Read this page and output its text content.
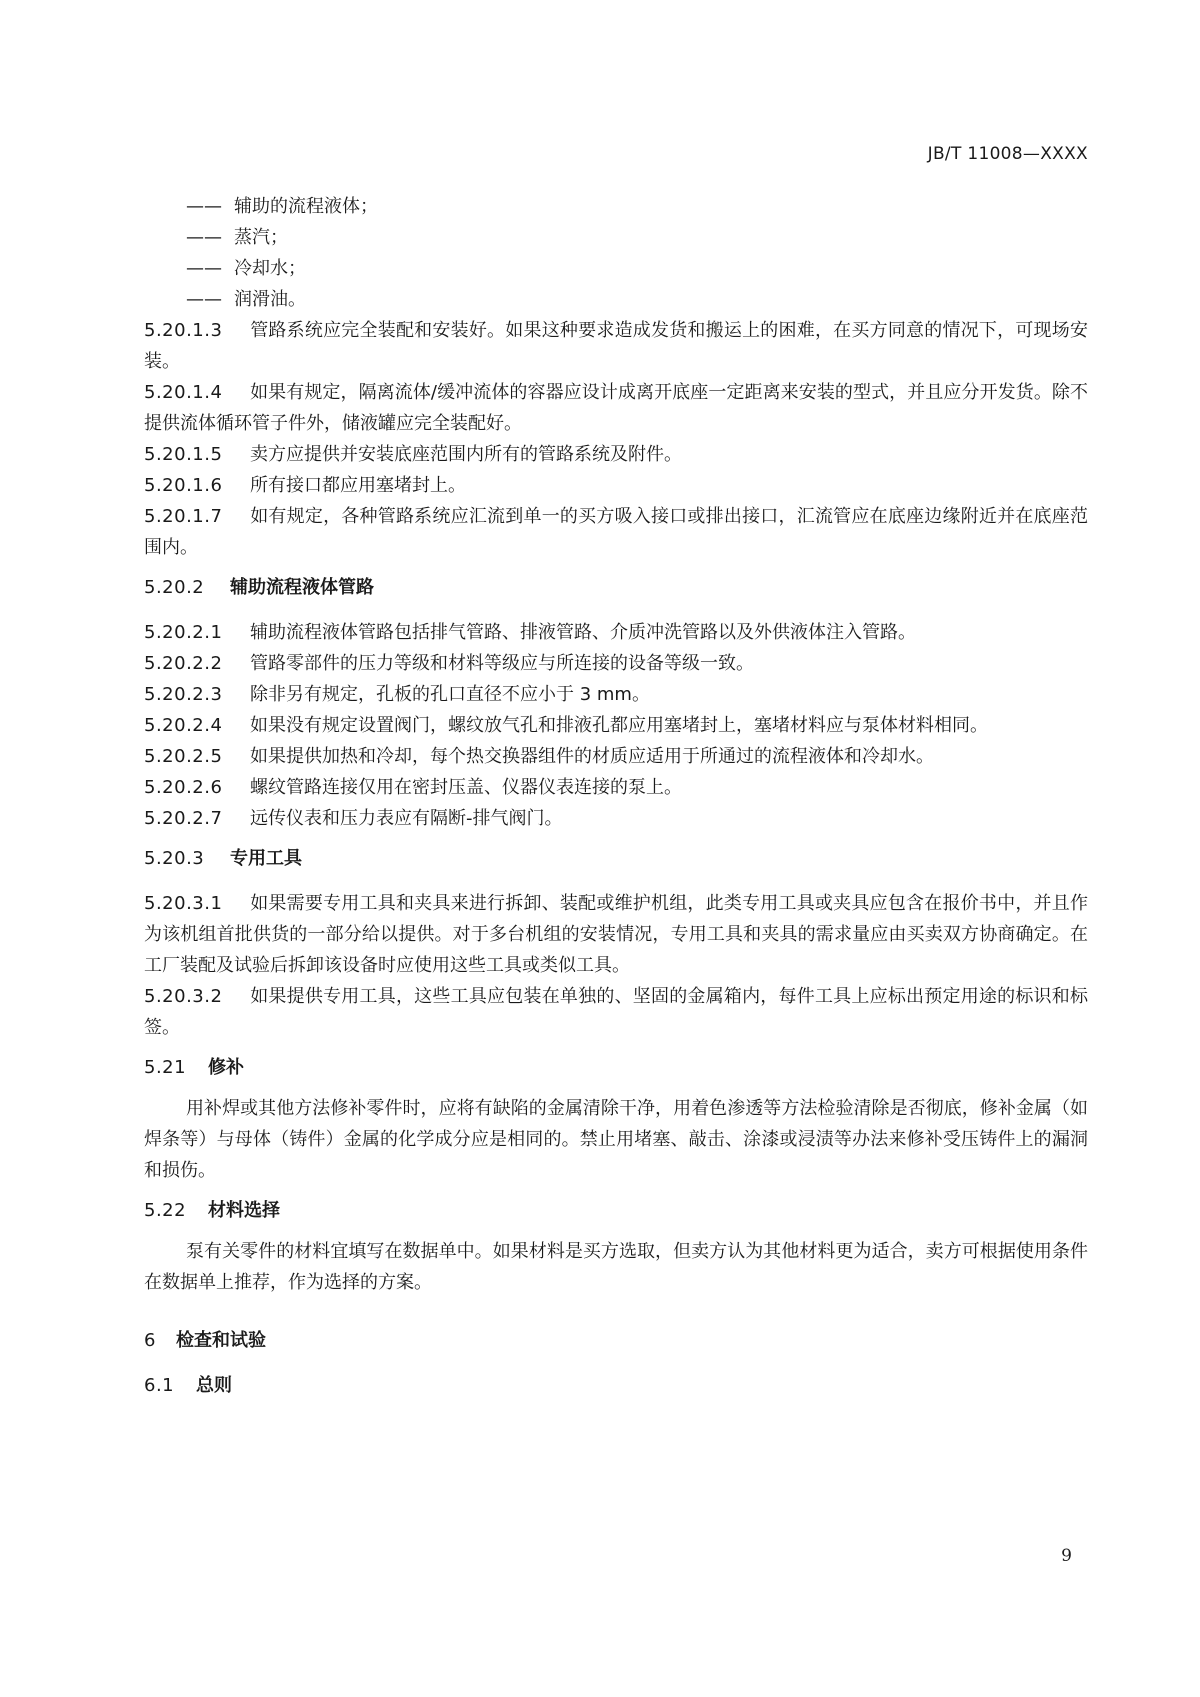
JB/T 11008—XXXX

—— 辅助的流程液体；

—— 蒸汽；

—— 冷却水；

—— 润滑油。

5.20.1.3 管路系统应完全装配和安装好。如果这种要求造成发货和搬运上的困难，在买方同意的情况下，可现场安装。

5.20.1.4 如果有规定，隔离流体/缓冲流体的容器应设计成离开底座一定距离来安装的型式，并且应分开发货。除不提供流体循环管子件外，储液罐应完全装配好。

5.20.1.5 卖方应提供并安装底座范围内所有的管路系统及附件。

5.20.1.6 所有接口都应用塞堵封上。

5.20.1.7 如有规定，各种管路系统应汇流到单一的买方吸入接口或排出接口，汇流管应在底座边缘附近并在底座范围内。

5.20.2 辅助流程液体管路

5.20.2.1 辅助流程液体管路包括排气管路、排液管路、介质冲洗管路以及外供液体注入管路。

5.20.2.2 管路零部件的压力等级和材料等级应与所连接的设备等级一致。

5.20.2.3 除非另有规定，孔板的孔口直径不应小于 3 mm。

5.20.2.4 如果没有规定设置阀门，螺纹放气孔和排液孔都应用塞堵封上，塞堵材料应与泵体材料相同。

5.20.2.5 如果提供加热和冷却，每个热交换器组件的材质应适用于所通过的流程液体和冷却水。

5.20.2.6 螺纹管路连接仅用在密封压盖、仪器仪表连接的泵上。

5.20.2.7 远传仪表和压力表应有隔断-排气阀门。

5.20.3 专用工具

5.20.3.1 如果需要专用工具和夹具来进行拆卸、装配或维护机组，此类专用工具或夹具应包含在报价书中，并且作为该机组首批供货的一部分给以提供。对于多台机组的安装情况，专用工具和夹具的需求量应由买卖双方协商确定。在工厂装配及试验后拆卸该设备时应使用这些工具或类似工具。

5.20.3.2 如果提供专用工具，这些工具应包装在单独的、坚固的金属箱内，每件工具上应标出预定用途的标识和标签。

5.21 修补

用补焊或其他方法修补零件时，应将有缺陷的金属清除干净，用着色渗透等方法检验清除是否彻底，修补金属（如焊条等）与母体（铸件）金属的化学成分应是相同的。禁止用堵塞、敲击、涂漆或浸渍等办法来修补受压铸件上的漏洞和损伤。

5.22 材料选择

泵有关零件的材料宜填写在数据单中。如果材料是买方选取，但卖方认为其他材料更为适合，卖方可根据使用条件在数据单上推荐，作为选择的方案。

6 检查和试验

6.1 总则

9
